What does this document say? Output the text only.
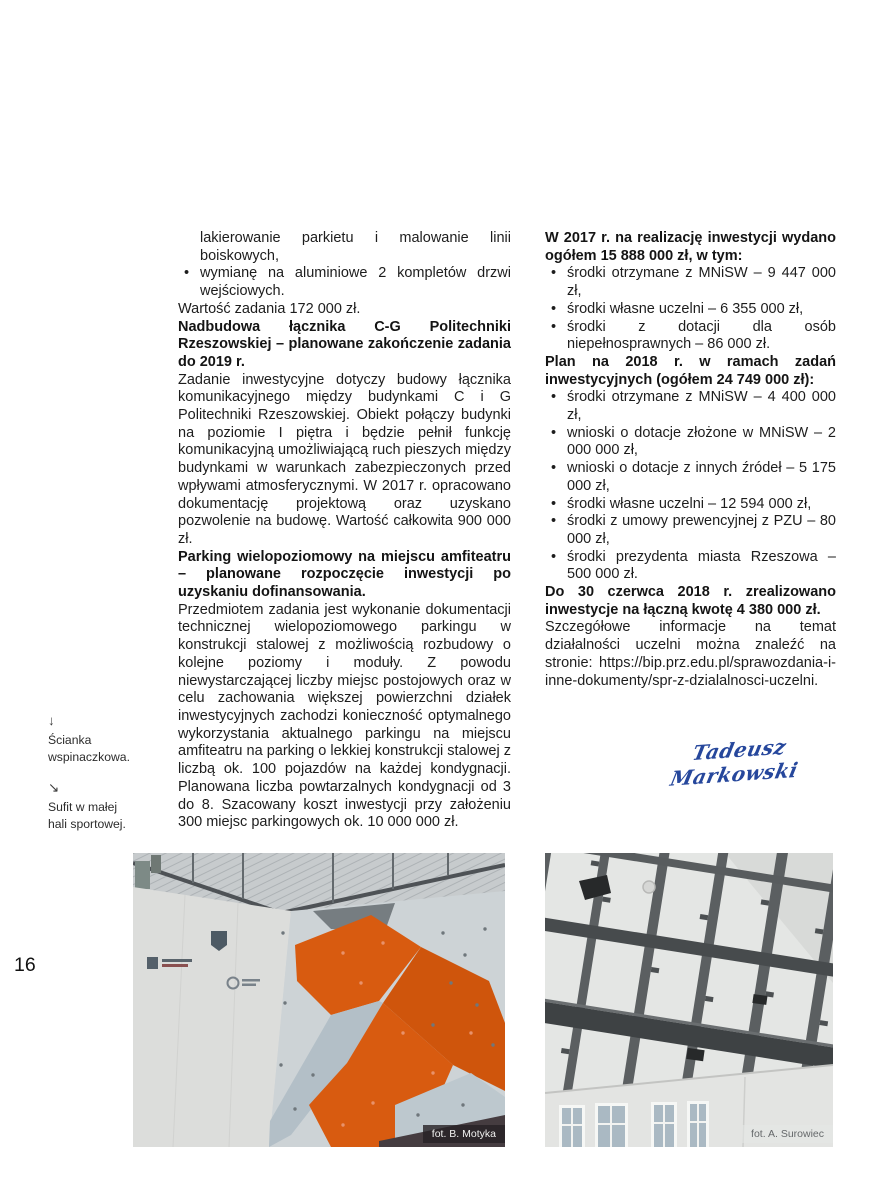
16
↓
Ścianka
wspinaczkowa.
↘
Sufit w małej
hali sportowej.
lakierowanie parkietu i malowanie linii boiskowych,
• wymianę na aluminiowe 2 kompletów drzwi wejściowych.

Wartość zadania 172 000 zł.

Nadbudowa łącznika C-G Politechniki Rzeszowskiej – planowane zakończenie zadania do 2019 r.

Zadanie inwestycyjne dotyczy budowy łącznika komunikacyjnego między budynkami C i G Politechniki Rzeszowskiej. Obiekt połączy budynki na poziomie I piętra i będzie pełnił funkcję komunikacyjną umożliwiającą ruch pieszych między budynkami w warunkach zabezpieczonych przed wpływami atmosferycznymi. W 2017 r. opracowano dokumentację projektową oraz uzyskano pozwolenie na budowę. Wartość całkowita 900 000 zł.

Parking wielopoziomowy na miejscu amfiteatru – planowane rozpoczęcie inwestycji po uzyskaniu dofinansowania.

Przedmiotem zadania jest wykonanie dokumentacji technicznej wielopoziomowego parkingu w konstrukcji stalowej z możliwością rozbudowy o kolejne poziomy i moduły. Z powodu niewystarczającej liczby miejsc postojowych oraz w celu zachowania większej powierzchni działek inwestycyjnych zachodzi konieczność optymalnego wykorzystania aktualnego parkingu na miejscu amfiteatru na parking o lekkiej konstrukcji stalowej z liczbą ok. 100 pojazdów na każdej kondygnacji. Planowana liczba powtarzalnych kondygnacji od 3 do 8. Szacowany koszt inwestycji przy założeniu 300 miejsc parkingowych ok. 10 000 000 zł.

W 2017 r. na realizację inwestycji wydano ogółem 15 888 000 zł, w tym:

• środki otrzymane z MNiSW – 9 447 000 zł,
• środki własne uczelni – 6 355 000 zł,
• środki z dotacji dla osób niepełnosprawnych – 86 000 zł.

Plan na 2018 r. w ramach zadań inwestycyjnych (ogółem 24 749 000 zł):

• środki otrzymane z MNiSW – 4 400 000 zł,
• wnioski o dotacje złożone w MNiSW – 2 000 000 zł,
• wnioski o dotacje z innych źródeł – 5 175 000 zł,
• środki własne uczelni – 12 594 000 zł,
• środki z umowy prewencyjnej z PZU – 80 000 zł,
• środki prezydenta miasta Rzeszowa – 500 000 zł.

Do 30 czerwca 2018 r. zrealizowano inwestycje na łączną kwotę 4 380 000 zł.

Szczegółowe informacje na temat działalności uczelni można znaleźć na stronie: https://bip.prz.edu.pl/sprawozdania-i-inne-dokumenty/spr-z-dzialalnosci-uczelni.

Tadeusz Markowski
fot. B. Motyka	fot. A. Surowiec
